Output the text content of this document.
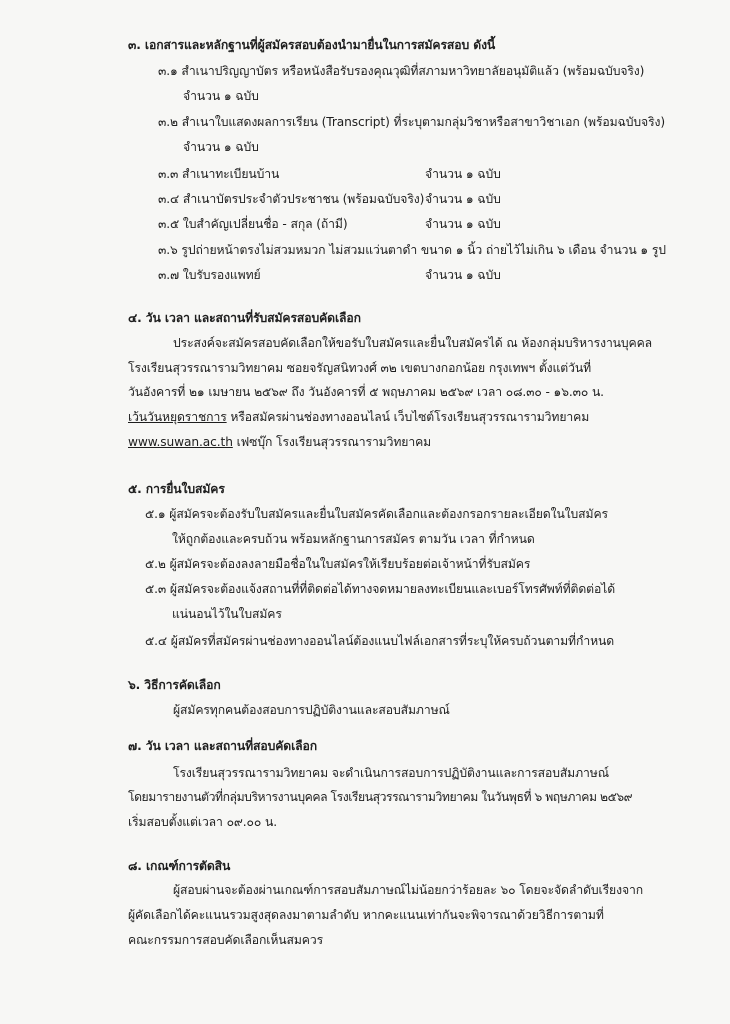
๓. เอกสารและหลักฐานที่ผู้สมัครสอบต้องนำมายื่นในการสมัครสอบ ดังนี้
๓.๑ สำเนาปริญญาบัตร หรือหนังสือรับรองคุณวุฒิที่สภามหาวิทยาลัยอนุมัติแล้ว (พร้อมฉบับจริง)
จำนวน ๑ ฉบับ
๓.๒ สำเนาใบแสดงผลการเรียน (Transcript) ที่ระบุตามกลุ่มวิชาหรือสาขาวิชาเอก (พร้อมฉบับจริง)
จำนวน ๑ ฉบับ
๓.๓ สำเนาทะเบียนบ้าน	จำนวน ๑ ฉบับ
๓.๔ สำเนาบัตรประจำตัวประชาชน (พร้อมฉบับจริง) จำนวน ๑ ฉบับ
๓.๕ ใบสำคัญเปลี่ยนชื่อ - สกุล (ถ้ามี)	จำนวน ๑ ฉบับ
๓.๖ รูปถ่ายหน้าตรงไม่สวมหมวก ไม่สวมแว่นตาดำ ขนาด ๑ นิ้ว ถ่ายไว้ไม่เกิน ๖ เดือน จำนวน ๑ รูป
๓.๗ ใบรับรองแพทย์	จำนวน ๑ ฉบับ
๔. วัน เวลา และสถานที่รับสมัครสอบคัดเลือก
ประสงค์จะสมัครสอบคัดเลือกให้ขอรับใบสมัครและยื่นใบสมัครได้ ณ ห้องกลุ่มบริหารงานบุคคล
โรงเรียนสุวรรณารามวิทยาคม ซอยจรัญสนิทวงศ์ ๓๒ เขตบางกอกน้อย กรุงเทพฯ ตั้งแต่วันที่
วันอังคารที่ ๒๑ เมษายน ๒๕๖๙ ถึง วันอังคารที่ ๕ พฤษภาคม ๒๕๖๙ เวลา ๐๘.๓๐ - ๑๖.๓๐ น.
เว้นวันหยุดราชการ หรือสมัครผ่านช่องทางออนไลน์ เว็บไซต์โรงเรียนสุวรรณารามวิทยาคม
www.suwan.ac.th เฟซบุ๊ก โรงเรียนสุวรรณารามวิทยาคม
๕. การยื่นใบสมัคร
๕.๑ ผู้สมัครจะต้องรับใบสมัครและยื่นใบสมัครคัดเลือกและต้องกรอกรายละเอียดในใบสมัคร
ให้ถูกต้องและครบถ้วน พร้อมหลักฐานการสมัคร ตามวัน เวลา ที่กำหนด
๕.๒ ผู้สมัครจะต้องลงลายมือชื่อในใบสมัครให้เรียบร้อยต่อเจ้าหน้าที่รับสมัคร
๕.๓ ผู้สมัครจะต้องแจ้งสถานที่ที่ติดต่อได้ทางจดหมายลงทะเบียนและเบอร์โทรศัพท์ที่ติดต่อได้
แน่นอนไว้ในใบสมัคร
๕.๔ ผู้สมัครที่สมัครผ่านช่องทางออนไลน์ต้องแนบไฟล์เอกสารที่ระบุให้ครบถ้วนตามที่กำหนด
๖. วิธีการคัดเลือก
ผู้สมัครทุกคนต้องสอบการปฏิบัติงานและสอบสัมภาษณ์
๗. วัน เวลา และสถานที่สอบคัดเลือก
โรงเรียนสุวรรณารามวิทยาคม จะดำเนินการสอบการปฏิบัติงานและการสอบสัมภาษณ์
โดยมารายงานตัวที่กลุ่มบริหารงานบุคคล โรงเรียนสุวรรณารามวิทยาคม ในวันพุธที่ ๖ พฤษภาคม ๒๕๖๙
เริ่มสอบตั้งแต่เวลา ๐๙.๐๐ น.
๘. เกณฑ์การตัดสิน
ผู้สอบผ่านจะต้องผ่านเกณฑ์การสอบสัมภาษณ์ไม่น้อยกว่าร้อยละ ๖๐ โดยจะจัดลำดับเรียงจาก
ผู้คัดเลือกได้คะแนนรวมสูงสุดลงมาตามลำดับ หากคะแนนเท่ากันจะพิจารณาด้วยวิธีการตามที่
คณะกรรมการสอบคัดเลือกเห็นสมควร
